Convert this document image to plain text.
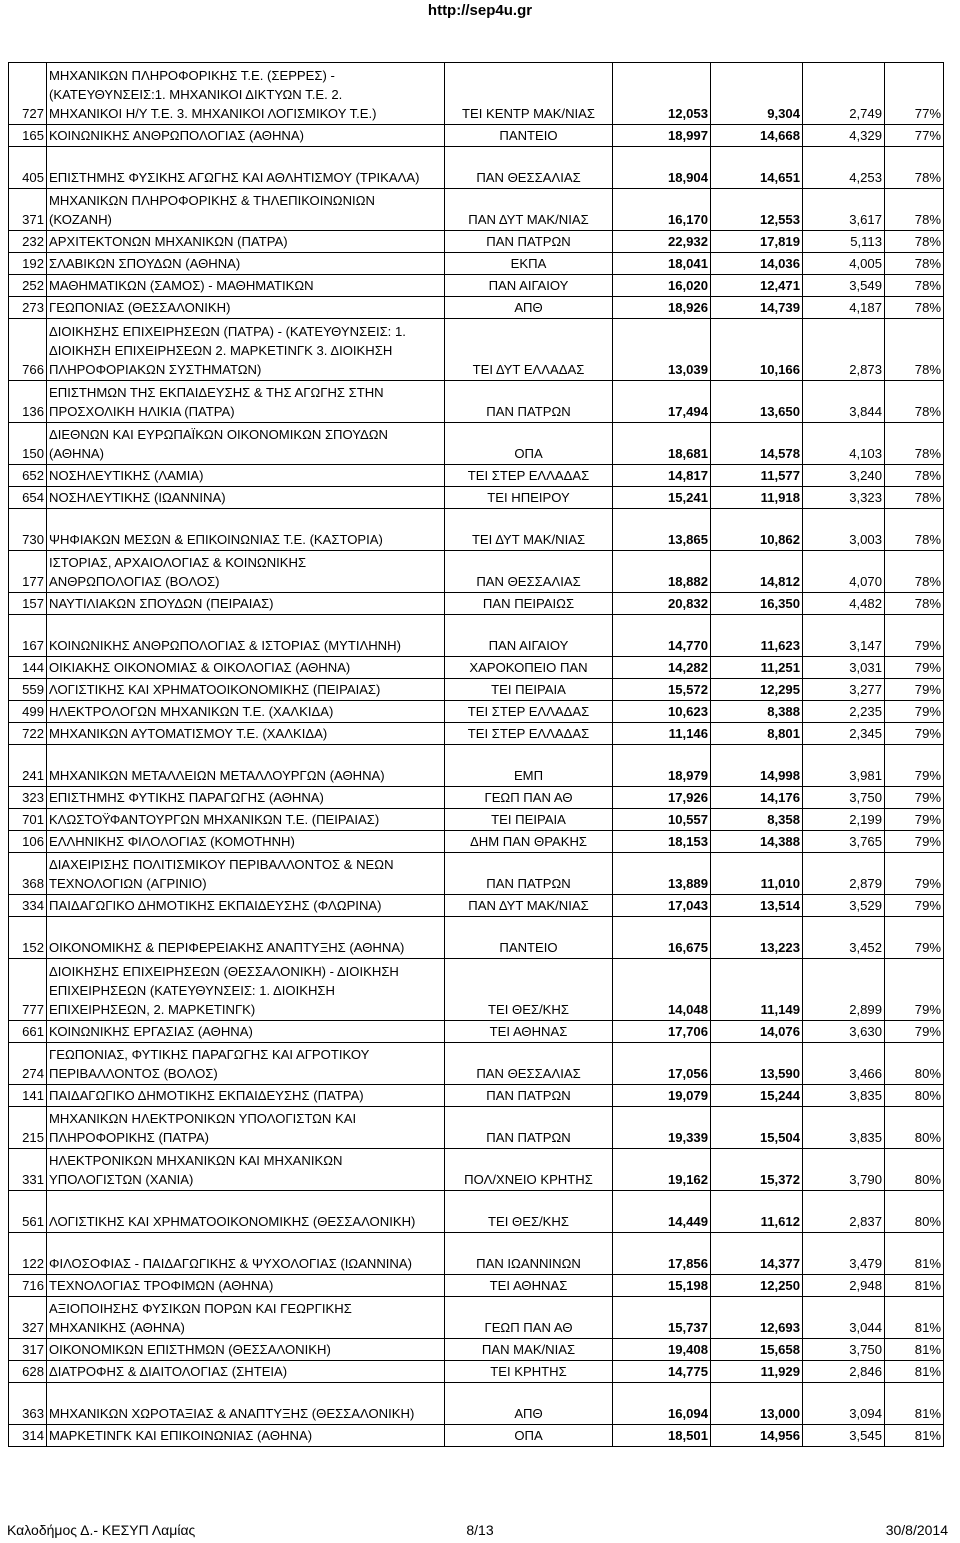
http://sep4u.gr
727	ΜΗΧΑΝΙΚΩΝ ΠΛΗΡΟΦΟΡΙΚΗΣ Τ.Ε. (ΣΕΡΡΕΣ) -
(ΚΑΤΕΥΘΥΝΣΕΙΣ:1. ΜΗΧΑΝΙΚΟΙ ΔΙΚΤΥΩΝ Τ.Ε. 2.
ΜΗΧΑΝΙΚΟΙ Η/Υ Τ.Ε. 3. ΜΗΧΑΝΙΚΟΙ ΛΟΓΙΣΜΙΚΟΥ Τ.Ε.)	ΤΕΙ ΚΕΝΤΡ ΜΑΚ/ΝΙΑΣ	12,053	9,304	2,749	77%
165	ΚΟΙΝΩΝΙΚΗΣ ΑΝΘΡΩΠΟΛΟΓΙΑΣ (ΑΘΗΝΑ)	ΠΑΝΤΕΙΟ	18,997	14,668	4,329	77%
405	ΕΠΙΣΤΗΜΗΣ ΦΥΣΙΚΗΣ ΑΓΩΓΗΣ ΚΑΙ ΑΘΛΗΤΙΣΜΟΥ (ΤΡΙΚΑΛΑ)	ΠΑΝ ΘΕΣΣΑΛΙΑΣ	18,904	14,651	4,253	78%
371	ΜΗΧΑΝΙΚΩΝ ΠΛΗΡΟΦΟΡΙΚΗΣ & ΤΗΛΕΠΙΚΟΙΝΩΝΙΩΝ
(ΚΟΖΑΝΗ)	ΠΑΝ ΔΥΤ ΜΑΚ/ΝΙΑΣ	16,170	12,553	3,617	78%
232	ΑΡΧΙΤΕΚΤΟΝΩΝ ΜΗΧΑΝΙΚΩΝ (ΠΑΤΡΑ)	ΠΑΝ ΠΑΤΡΩΝ	22,932	17,819	5,113	78%
192	ΣΛΑΒΙΚΩΝ ΣΠΟΥΔΩΝ (ΑΘΗΝΑ)	ΕΚΠΑ	18,041	14,036	4,005	78%
252	ΜΑΘΗΜΑΤΙΚΩΝ (ΣΑΜΟΣ) - ΜΑΘΗΜΑΤΙΚΩΝ	ΠΑΝ ΑΙΓΑΙΟΥ	16,020	12,471	3,549	78%
273	ΓΕΩΠΟΝΙΑΣ (ΘΕΣΣΑΛΟΝΙΚΗ)	ΑΠΘ	18,926	14,739	4,187	78%
766	ΔΙΟΙΚΗΣΗΣ ΕΠΙΧΕΙΡΗΣΕΩΝ (ΠΑΤΡΑ) - (ΚΑΤΕΥΘΥΝΣΕΙΣ: 1.
ΔΙΟΙΚΗΣΗ ΕΠΙΧΕΙΡΗΣΕΩΝ 2. ΜΑΡΚΕΤΙΝΓΚ 3. ΔΙΟΙΚΗΣΗ
ΠΛΗΡΟΦΟΡΙΑΚΩΝ ΣΥΣΤΗΜΑΤΩΝ)	ΤΕΙ ΔΥΤ ΕΛΛΑΔΑΣ	13,039	10,166	2,873	78%
136	ΕΠΙΣΤΗΜΩΝ ΤΗΣ ΕΚΠΑΙΔΕΥΣΗΣ & ΤΗΣ ΑΓΩΓΗΣ ΣΤΗΝ
ΠΡΟΣΧΟΛΙΚΗ ΗΛΙΚΙΑ (ΠΑΤΡΑ)	ΠΑΝ ΠΑΤΡΩΝ	17,494	13,650	3,844	78%
150	ΔΙΕΘΝΩΝ ΚΑΙ ΕΥΡΩΠΑΪΚΩΝ ΟΙΚΟΝΟΜΙΚΩΝ ΣΠΟΥΔΩΝ
(ΑΘΗΝΑ)	ΟΠΑ	18,681	14,578	4,103	78%
652	ΝΟΣΗΛΕΥΤΙΚΗΣ (ΛΑΜΙΑ)	ΤΕΙ ΣΤΕΡ ΕΛΛΑΔΑΣ	14,817	11,577	3,240	78%
654	ΝΟΣΗΛΕΥΤΙΚΗΣ (ΙΩΑΝΝΙΝΑ)	ΤΕΙ ΗΠΕΙΡΟΥ	15,241	11,918	3,323	78%
730	ΨΗΦΙΑΚΩΝ ΜΕΣΩΝ & ΕΠΙΚΟΙΝΩΝΙΑΣ Τ.Ε. (ΚΑΣΤΟΡΙΑ)	ΤΕΙ ΔΥΤ ΜΑΚ/ΝΙΑΣ	13,865	10,862	3,003	78%
177	ΙΣΤΟΡΙΑΣ, ΑΡΧΑΙΟΛΟΓΙΑΣ & ΚΟΙΝΩΝΙΚΗΣ
ΑΝΘΡΩΠΟΛΟΓΙΑΣ (ΒΟΛΟΣ)	ΠΑΝ ΘΕΣΣΑΛΙΑΣ	18,882	14,812	4,070	78%
157	ΝΑΥΤΙΛΙΑΚΩΝ ΣΠΟΥΔΩΝ (ΠΕΙΡΑΙΑΣ)	ΠΑΝ ΠΕΙΡΑΙΩΣ	20,832	16,350	4,482	78%
167	ΚΟΙΝΩΝΙΚΗΣ ΑΝΘΡΩΠΟΛΟΓΙΑΣ & ΙΣΤΟΡΙΑΣ (ΜΥΤΙΛΗΝΗ)	ΠΑΝ ΑΙΓΑΙΟΥ	14,770	11,623	3,147	79%
144	ΟΙΚΙΑΚΗΣ ΟΙΚΟΝΟΜΙΑΣ & ΟΙΚΟΛΟΓΙΑΣ (ΑΘΗΝΑ)	ΧΑΡΟΚΟΠΕΙΟ ΠΑΝ	14,282	11,251	3,031	79%
559	ΛΟΓΙΣΤΙΚΗΣ ΚΑΙ ΧΡΗΜΑΤΟΟΙΚΟΝΟΜΙΚΗΣ (ΠΕΙΡΑΙΑΣ)	ΤΕΙ ΠΕΙΡΑΙΑ	15,572	12,295	3,277	79%
499	ΗΛΕΚΤΡΟΛΟΓΩΝ ΜΗΧΑΝΙΚΩΝ Τ.Ε. (ΧΑΛΚΙΔΑ)	ΤΕΙ ΣΤΕΡ ΕΛΛΑΔΑΣ	10,623	8,388	2,235	79%
722	ΜΗΧΑΝΙΚΩΝ ΑΥΤΟΜΑΤΙΣΜΟΥ Τ.Ε. (ΧΑΛΚΙΔΑ)	ΤΕΙ ΣΤΕΡ ΕΛΛΑΔΑΣ	11,146	8,801	2,345	79%
241	ΜΗΧΑΝΙΚΩΝ ΜΕΤΑΛΛΕΙΩΝ ΜΕΤΑΛΛΟΥΡΓΩΝ (ΑΘΗΝΑ)	ΕΜΠ	18,979	14,998	3,981	79%
323	ΕΠΙΣΤΗΜΗΣ ΦΥΤΙΚΗΣ ΠΑΡΑΓΩΓΗΣ (ΑΘΗΝΑ)	ΓΕΩΠ ΠΑΝ ΑΘ	17,926	14,176	3,750	79%
701	ΚΛΩΣΤΟΫΦΑΝΤΟΥΡΓΩΝ ΜΗΧΑΝΙΚΩΝ Τ.Ε. (ΠΕΙΡΑΙΑΣ)	ΤΕΙ ΠΕΙΡΑΙΑ	10,557	8,358	2,199	79%
106	ΕΛΛΗΝΙΚΗΣ ΦΙΛΟΛΟΓΙΑΣ (ΚΟΜΟΤΗΝΗ)	ΔΗΜ ΠΑΝ ΘΡΑΚΗΣ	18,153	14,388	3,765	79%
368	ΔΙΑΧΕΙΡΙΣΗΣ ΠΟΛΙΤΙΣΜΙΚΟΥ ΠΕΡΙΒΑΛΛΟΝΤΟΣ & ΝΕΩΝ
ΤΕΧΝΟΛΟΓΙΩΝ (ΑΓΡΙΝΙΟ)	ΠΑΝ ΠΑΤΡΩΝ	13,889	11,010	2,879	79%
334	ΠΑΙΔΑΓΩΓΙΚΟ ΔΗΜΟΤΙΚΗΣ ΕΚΠΑΙΔΕΥΣΗΣ (ΦΛΩΡΙΝΑ)	ΠΑΝ ΔΥΤ ΜΑΚ/ΝΙΑΣ	17,043	13,514	3,529	79%
152	ΟΙΚΟΝΟΜΙΚΗΣ & ΠΕΡΙΦΕΡΕΙΑΚΗΣ ΑΝΑΠΤΥΞΗΣ (ΑΘΗΝΑ)	ΠΑΝΤΕΙΟ	16,675	13,223	3,452	79%
777	ΔΙΟΙΚΗΣΗΣ ΕΠΙΧΕΙΡΗΣΕΩΝ (ΘΕΣΣΑΛΟΝΙΚΗ) - ΔΙΟΙΚΗΣΗ
ΕΠΙΧΕΙΡΗΣΕΩΝ (ΚΑΤΕΥΘΥΝΣΕΙΣ: 1. ΔΙΟΙΚΗΣΗ
ΕΠΙΧΕΙΡΗΣΕΩΝ, 2. ΜΑΡΚΕΤΙΝΓΚ)	ΤΕΙ ΘΕΣ/ΚΗΣ	14,048	11,149	2,899	79%
661	ΚΟΙΝΩΝΙΚΗΣ ΕΡΓΑΣΙΑΣ (ΑΘΗΝΑ)	ΤΕΙ ΑΘΗΝΑΣ	17,706	14,076	3,630	79%
274	ΓΕΩΠΟΝΙΑΣ, ΦΥΤΙΚΗΣ ΠΑΡΑΓΩΓΗΣ ΚΑΙ ΑΓΡΟΤΙΚΟΥ
ΠΕΡΙΒΑΛΛΟΝΤΟΣ (ΒΟΛΟΣ)	ΠΑΝ ΘΕΣΣΑΛΙΑΣ	17,056	13,590	3,466	80%
141	ΠΑΙΔΑΓΩΓΙΚΟ ΔΗΜΟΤΙΚΗΣ ΕΚΠΑΙΔΕΥΣΗΣ (ΠΑΤΡΑ)	ΠΑΝ ΠΑΤΡΩΝ	19,079	15,244	3,835	80%
215	ΜΗΧΑΝΙΚΩΝ ΗΛΕΚΤΡΟΝΙΚΩΝ ΥΠΟΛΟΓΙΣΤΩΝ ΚΑΙ
ΠΛΗΡΟΦΟΡΙΚΗΣ (ΠΑΤΡΑ)	ΠΑΝ ΠΑΤΡΩΝ	19,339	15,504	3,835	80%
331	ΗΛΕΚΤΡΟΝΙΚΩΝ ΜΗΧΑΝΙΚΩΝ ΚΑΙ ΜΗΧΑΝΙΚΩΝ
ΥΠΟΛΟΓΙΣΤΩΝ (ΧΑΝΙΑ)	ΠΟΛ/ΧΝΕΙΟ ΚΡΗΤΗΣ	19,162	15,372	3,790	80%
561	ΛΟΓΙΣΤΙΚΗΣ ΚΑΙ ΧΡΗΜΑΤΟΟΙΚΟΝΟΜΙΚΗΣ (ΘΕΣΣΑΛΟΝΙΚΗ)	ΤΕΙ ΘΕΣ/ΚΗΣ	14,449	11,612	2,837	80%
122	ΦΙΛΟΣΟΦΙΑΣ - ΠΑΙΔΑΓΩΓΙΚΗΣ & ΨΥΧΟΛΟΓΙΑΣ (ΙΩΑΝΝΙΝΑ)	ΠΑΝ ΙΩΑΝΝΙΝΩΝ	17,856	14,377	3,479	81%
716	ΤΕΧΝΟΛΟΓΙΑΣ ΤΡΟΦΙΜΩΝ (ΑΘΗΝΑ)	ΤΕΙ ΑΘΗΝΑΣ	15,198	12,250	2,948	81%
327	ΑΞΙΟΠΟΙΗΣΗΣ ΦΥΣΙΚΩΝ ΠΟΡΩΝ ΚΑΙ ΓΕΩΡΓΙΚΗΣ
ΜΗΧΑΝΙΚΗΣ (ΑΘΗΝΑ)	ΓΕΩΠ ΠΑΝ ΑΘ	15,737	12,693	3,044	81%
317	ΟΙΚΟΝΟΜΙΚΩΝ ΕΠΙΣΤΗΜΩΝ (ΘΕΣΣΑΛΟΝΙΚΗ)	ΠΑΝ ΜΑΚ/ΝΙΑΣ	19,408	15,658	3,750	81%
628	ΔΙΑΤΡΟΦΗΣ & ΔΙΑΙΤΟΛΟΓΙΑΣ (ΣΗΤΕΙΑ)	ΤΕΙ ΚΡΗΤΗΣ	14,775	11,929	2,846	81%
363	ΜΗΧΑΝΙΚΩΝ ΧΩΡΟΤΑΞΙΑΣ & ΑΝΑΠΤΥΞΗΣ (ΘΕΣΣΑΛΟΝΙΚΗ)	ΑΠΘ	16,094	13,000	3,094	81%
314	ΜΑΡΚΕΤΙΝΓΚ ΚΑΙ ΕΠΙΚΟΙΝΩΝΙΑΣ (ΑΘΗΝΑ)	ΟΠΑ	18,501	14,956	3,545	81%
Καλοδήμος Δ.- ΚΕΣΥΠ Λαμίας	8/13	30/8/2014
